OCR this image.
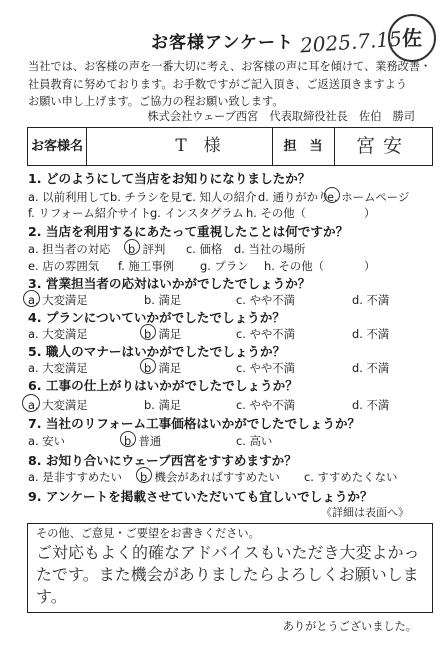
お客様アンケート 2025.7.15 佐
当社では、お客様の声を一番大切に考え、お客様の声に耳を傾けて、業務改善・
社員教育に努めております。お手数ですがご記入頂き、ご返送頂きますよう
お願い申し上げます。ご協力の程お願い致します。
株式会社ウェーブ西宮　代表取締役社長　佐伯　勝司
お客様名	T　様	担　当	宮安
1. どのようにして当店をお知りになりましたか？
a. 以前利用して b. チラシを見て
c. 知人の紹介 d. 通りがかり
e. ホームページ
f. リフォーム紹介サイト g. インスタグラム h. その他（	）
2. 当店を利用するにあたって重視したことは何ですか？
a. 担当者の対応 b. 評判 c. 価格 d. 当社の場所
e. 店の雰囲気 f. 施工事例 g. プラン h. その他（	）
3. 営業担当者の応対はいかがでしたでしょうか？
a. 大変満足	b. 満足	c. やや不満	d. 不満
4. プランについていかがでしたでしょうか？
a. 大変満足	b. 満足	c. やや不満	d. 不満
5. 職人のマナーはいかがでしたでしょうか？
a. 大変満足	b. 満足	c. やや不満	d. 不満
6. 工事の仕上がりはいかがでしたでしょうか？
a. 大変満足	b. 満足	c. やや不満	d. 不満
7. 当社のリフォーム工事価格はいかがでしたでしょうか？
a. 安い	b. 普通	c. 高い
8. お知り合いにウェーブ西宮をすすめますか？
a. 是非すすめたい b. 機会があればすすめたい c. すすめたくない
9. アンケートを掲載させていただいても宜しいでしょうか？
《詳細は表面へ》
その他、ご意見・ご要望をお書きください。
ご対応もよく的確なアドバイスもいただき大変よかったです。また機会がありましたらよろしくお願いします。
ありがとうございました。
